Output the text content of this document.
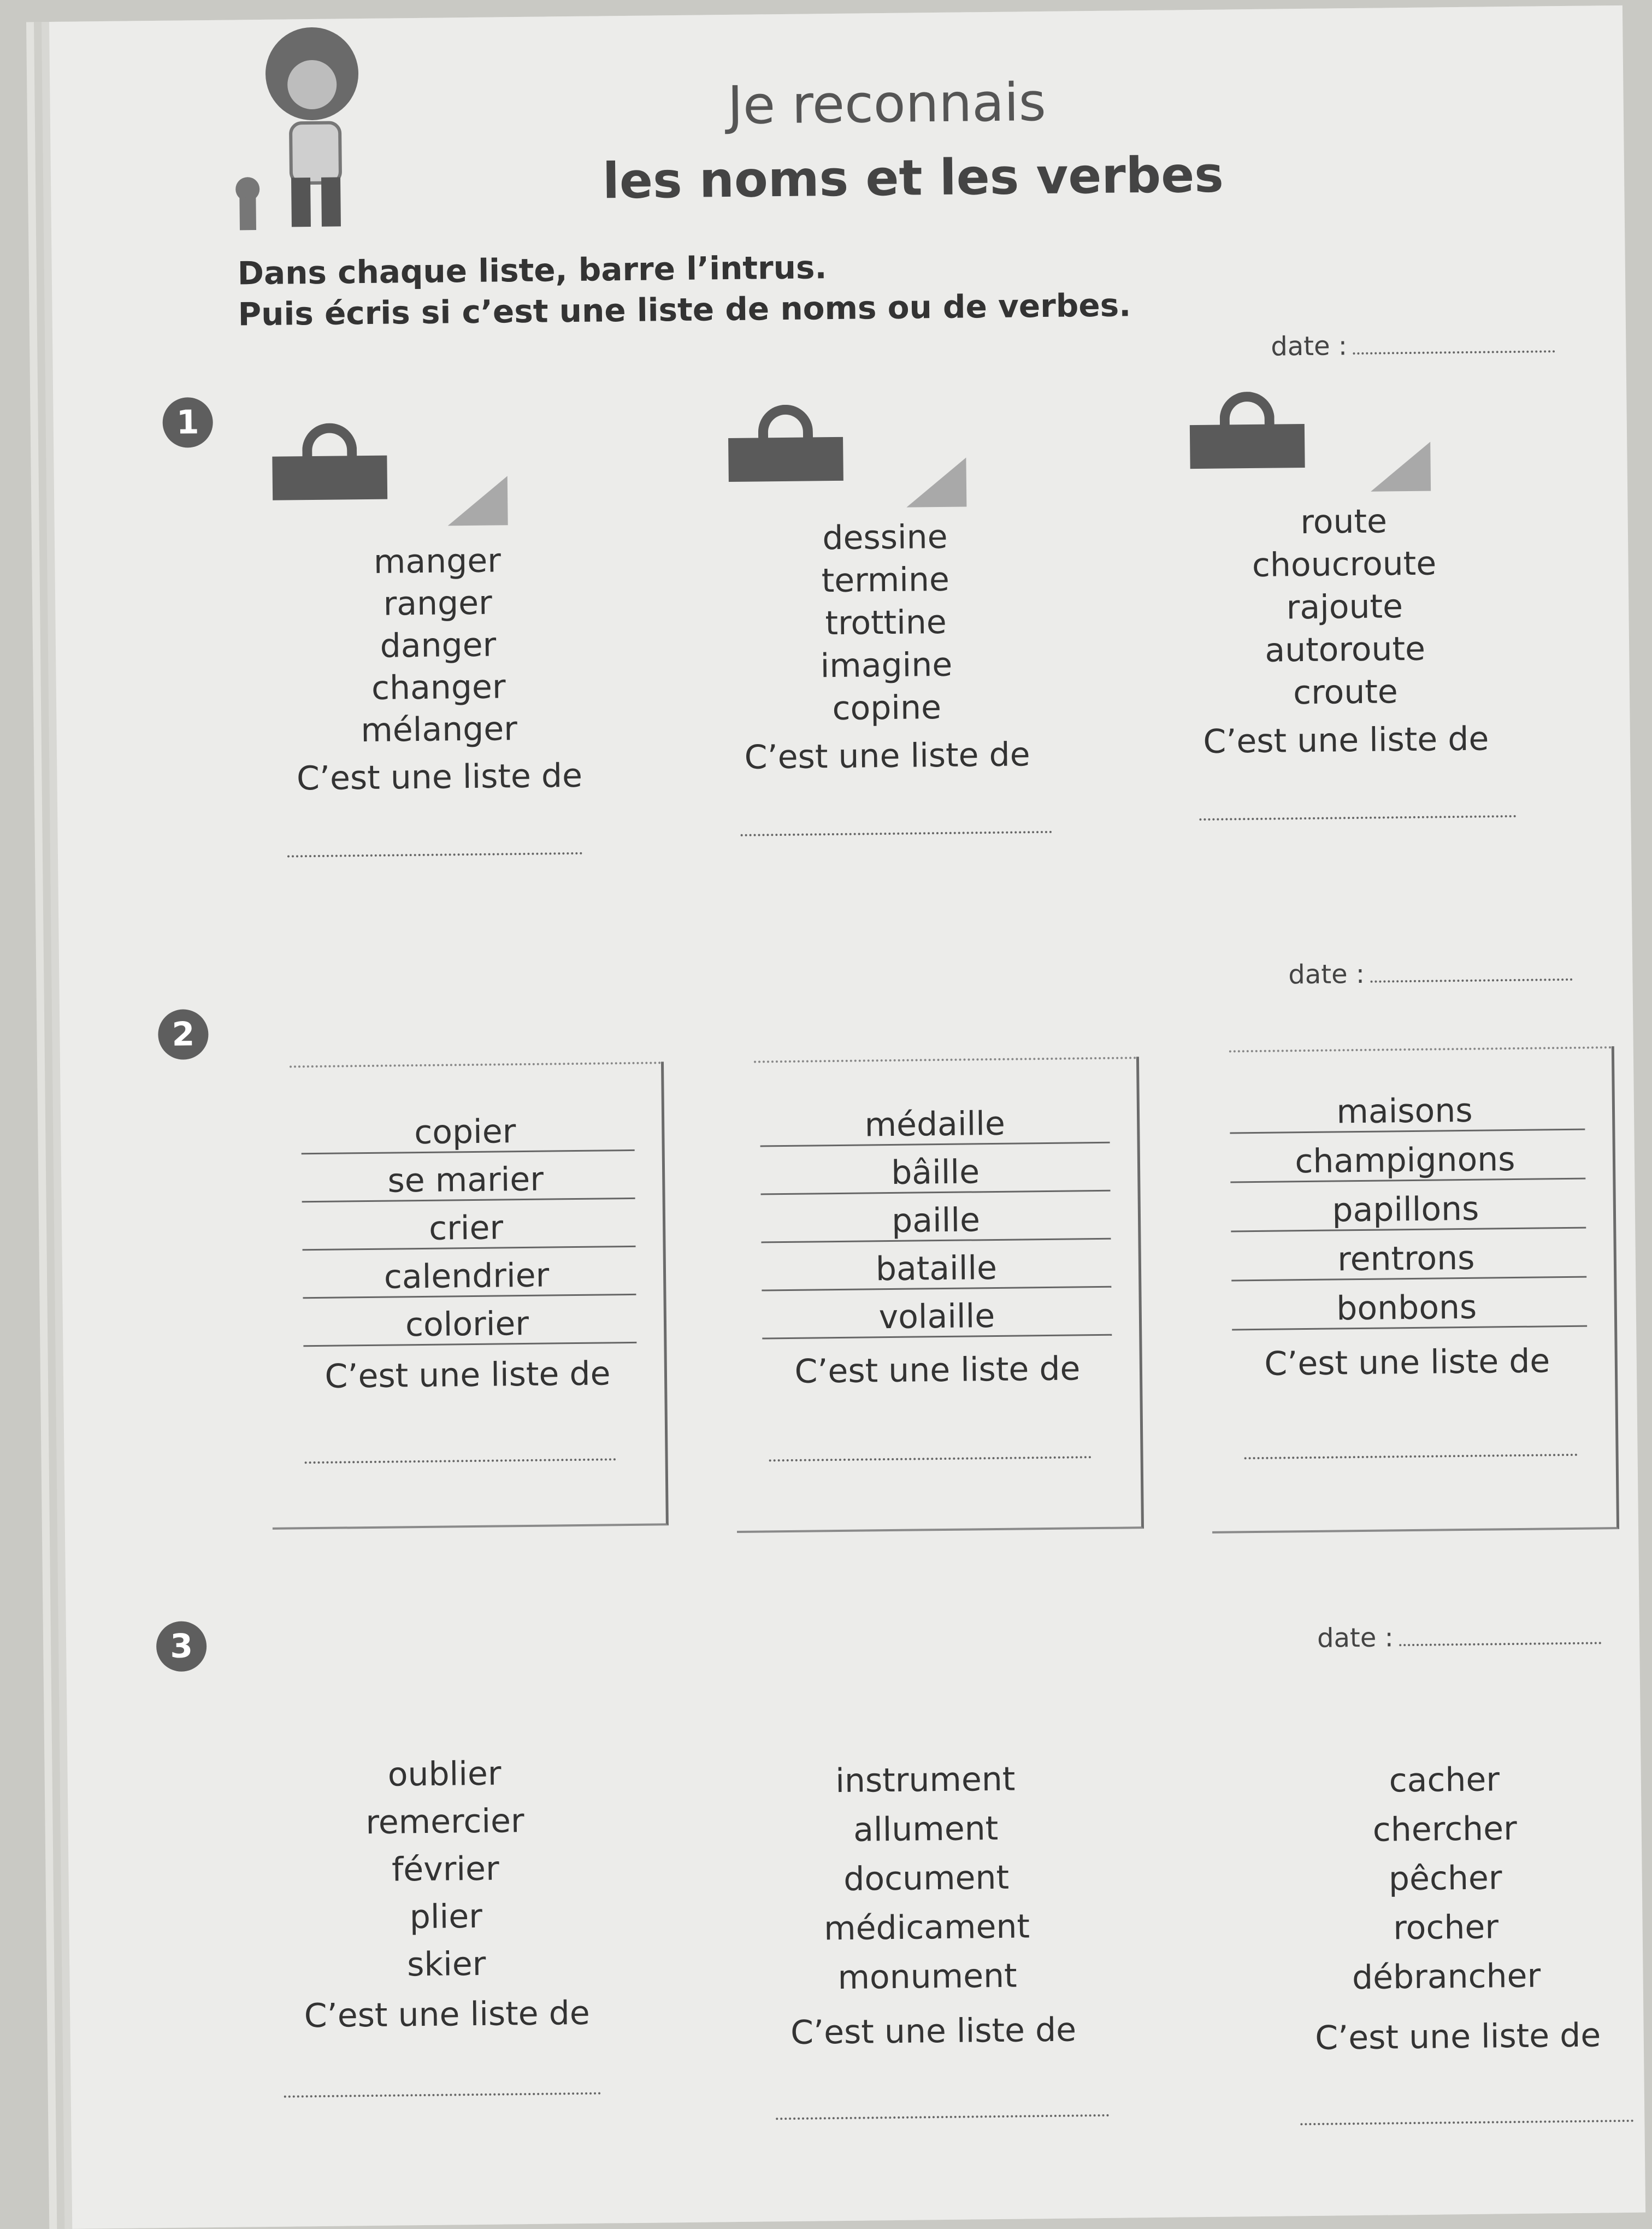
Je reconnais
les noms et les verbes
Dans chaque liste, barre l’intrus.
Puis écris si c’est une liste de noms ou de verbes.
date :
1
manger
ranger
danger
changer
mélanger
C’est une liste de
dessine
termine
trottine
imagine
copine
C’est une liste de
route
choucroute
rajoute
autoroute
croute
C’est une liste de
date :
2
copier
se marier
crier
calendrier
colorier
C’est une liste de
médaille
bâille
paille
bataille
volaille
C’est une liste de
maisons
champignons
papillons
rentrons
bonbons
C’est une liste de
date :
3
oublier
remercier
février
plier
skier
C’est une liste de
instrument
allument
document
médicament
monument
C’est une liste de
cacher
chercher
pêcher
rocher
débrancher
C’est une liste de
